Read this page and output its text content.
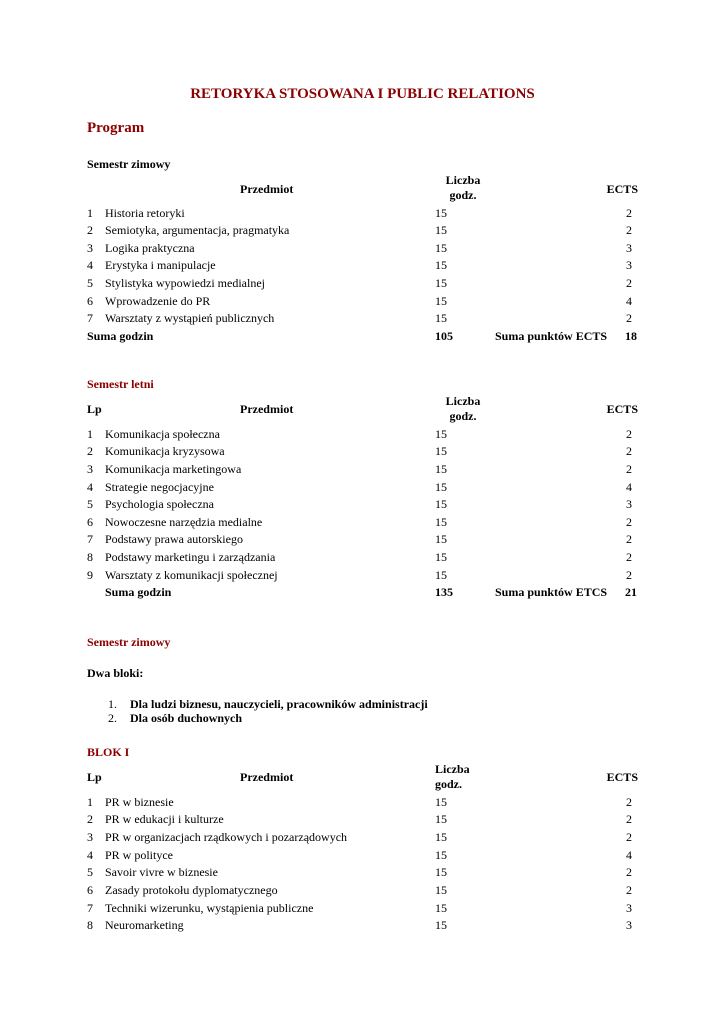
RETORYKA STOSOWANA I PUBLIC RELATIONS
Program
Semestr zimowy
Przedmiot
Liczba
godz.	ECTS
1 Historia retoryki	15	2
2 Semiotyka, argumentacja, pragmatyka	15	2
3 Logika praktyczna	15	3
4 Erystyka i manipulacje	15	3
5 Stylistyka wypowiedzi medialnej	15	2
6 Wprowadzenie do PR	15	4
7 Warsztaty z wystąpień publicznych	15	2
Suma godzin	105	Suma punktów ECTS 18
Semestr letni
Lp	Przedmiot
Liczba
godz.	ECTS
1 Komunikacja społeczna	15	2
2 Komunikacja kryzysowa	15	2
3 Komunikacja marketingowa	15	2
4 Strategie negocjacyjne	15	4
5 Psychologia społeczna	15	3
6 Nowoczesne narzędzia medialne	15	2
7 Podstawy prawa autorskiego	15	2
8 Podstawy marketingu i zarządzania	15	2
9 Warsztaty z komunikacji społecznej	15	2
Suma godzin	135	Suma punktów ETCS 21
Semestr zimowy
Dwa bloki:
1. Dla ludzi biznesu, nauczycieli, pracowników administracji
2. Dla osób duchownych
BLOK I
Lp	Przedmiot
Liczba
godz.	ECTS
1 PR w biznesie	15	2
2 PR w edukacji i kulturze	15	2
3 PR w organizacjach rządkowych i pozarządowych	15	2
4 PR w polityce	15	4
5 Savoir vivre w biznesie	15	2
6 Zasady protokołu dyplomatycznego	15	2
7 Techniki wizerunku, wystąpienia publiczne	15	3
8 Neuromarketing	15	3
